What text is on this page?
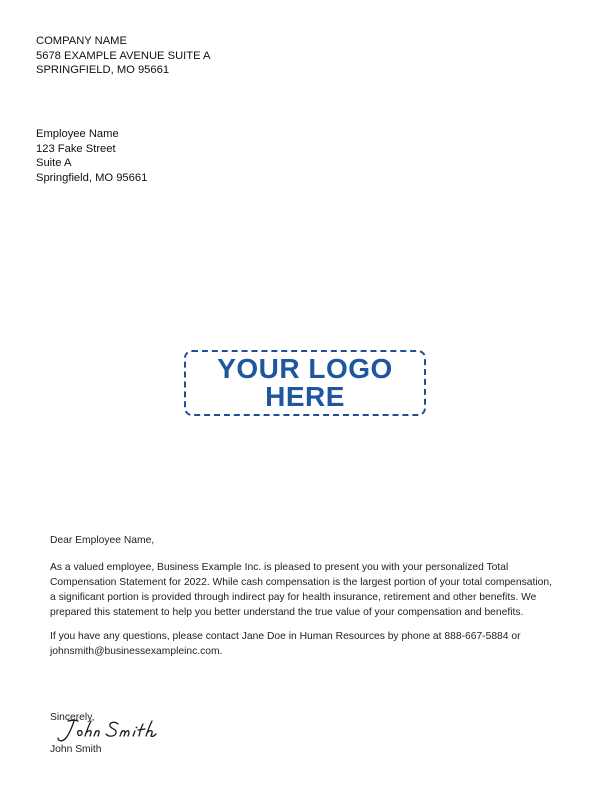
COMPANY NAME
5678 EXAMPLE AVENUE SUITE A
SPRINGFIELD, MO 95661
Employee Name
123 Fake Street
Suite A
Springfield, MO 95661
YOUR LOGO
HERE

Dear Employee Name,

As a valued employee, Business Example Inc. is pleased to present you with your personalized Total Compensation Statement for 2022. While cash compensation is the largest portion of your total compensation, a significant portion is provided through indirect pay for health insurance, retirement and other benefits. We prepared this statement to help you better understand the true value of your compensation and benefits.

If you have any questions, please contact Jane Doe in Human Resources by phone at 888-667-5884 or johnsmith@businessexampleinc.com.

Sincerely,
John Smith
